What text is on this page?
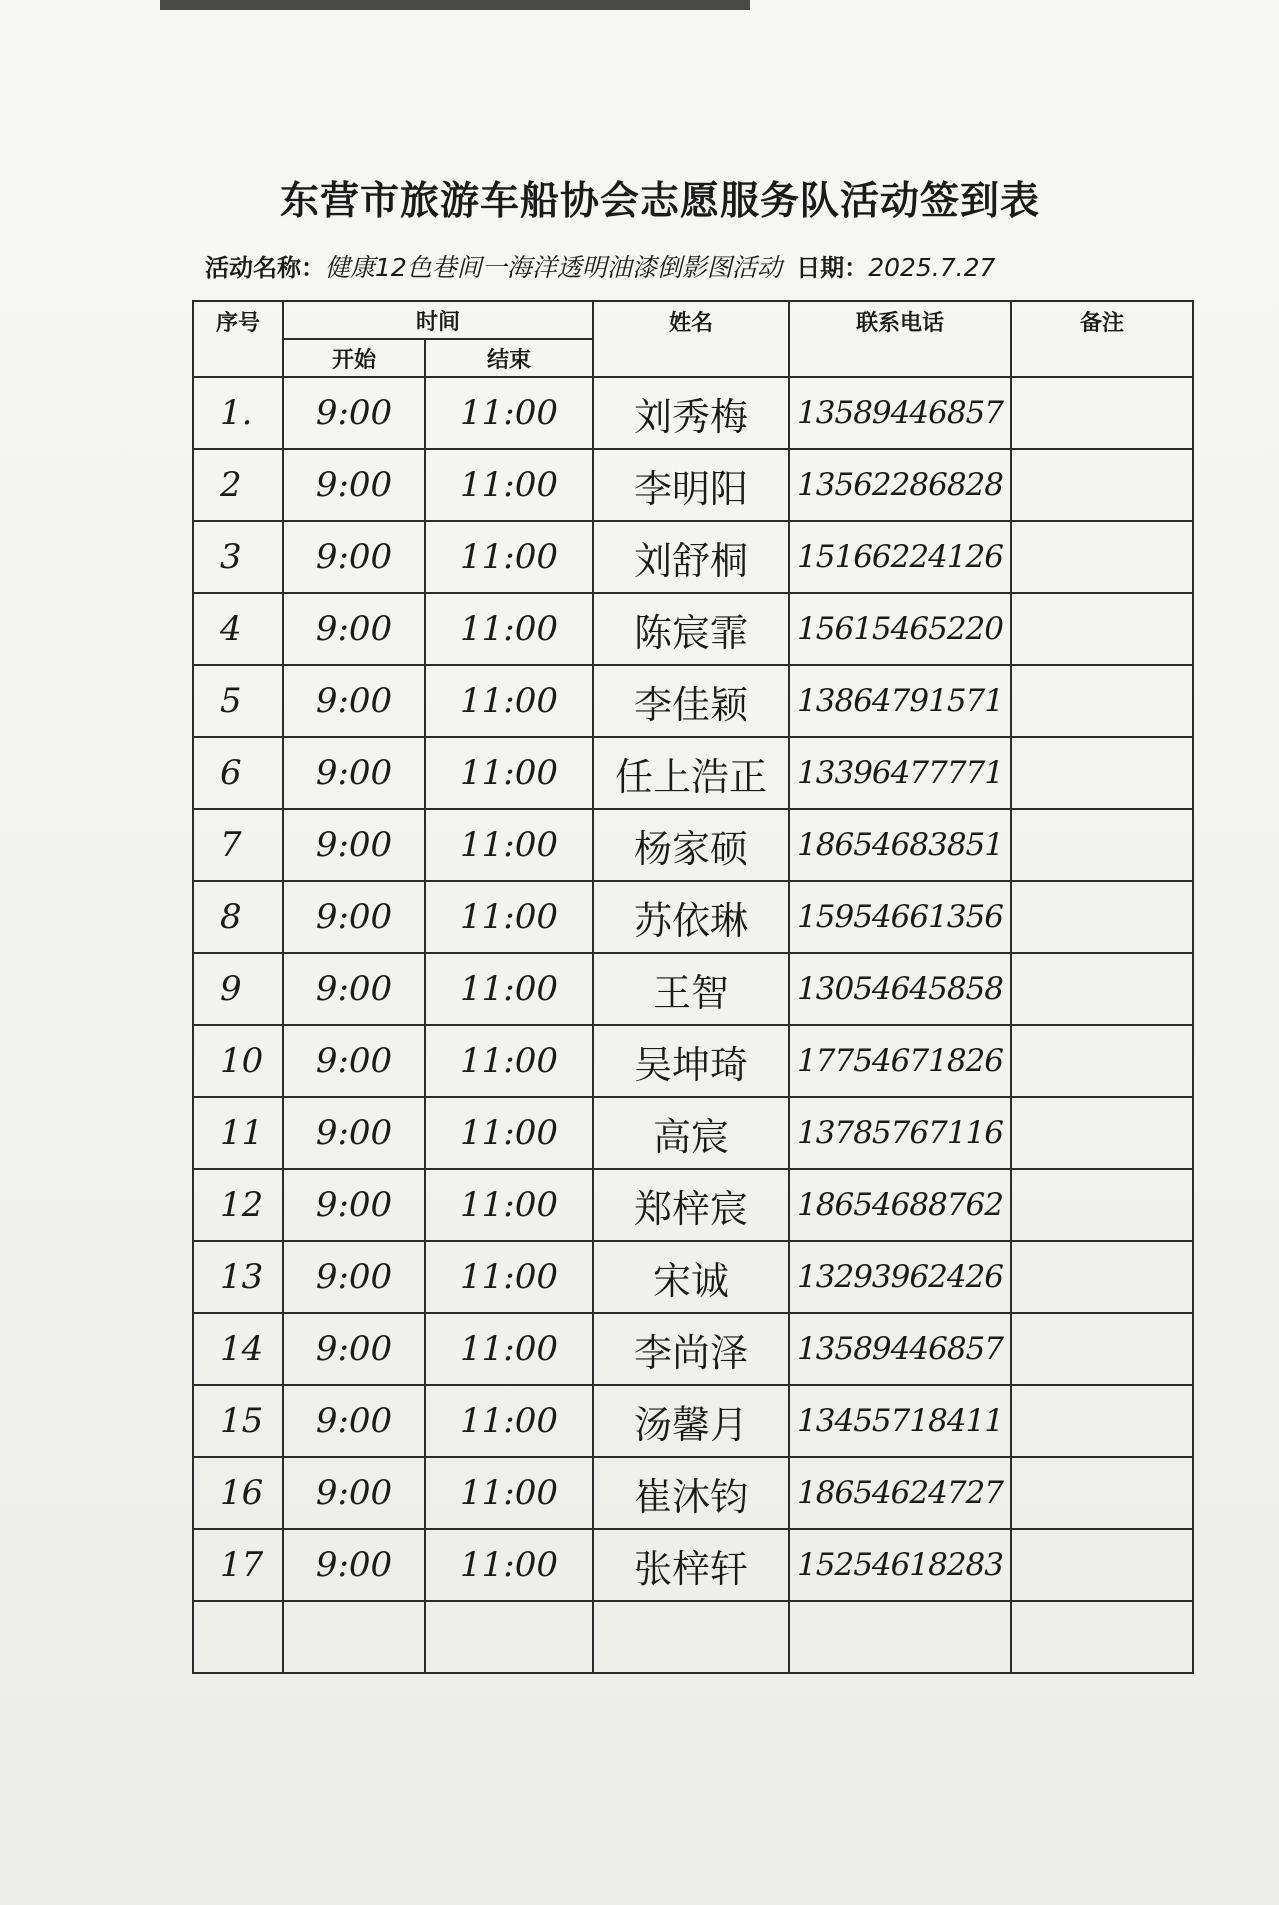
东营市旅游车船协会志愿服务队活动签到表
活动名称：健康12色巷间一海洋透明油漆倒影图活动 日期：2025.7.27
序号	时间		姓名	联系电话	备注
	开始	结束			
1.	9:00	11:00	刘秀梅	13589446857	
2	9:00	11:00	李明阳	13562286828	
3	9:00	11:00	刘舒桐	15166224126	
4	9:00	11:00	陈宸霏	15615465220	
5	9:00	11:00	李佳颖	13864791571	
6	9:00	11:00	任上浩正	13396477771	
7	9:00	11:00	杨家硕	18654683851	
8	9:00	11:00	苏依琳	15954661356	
9	9:00	11:00	王智	13054645858	
10	9:00	11:00	吴坤琦	17754671826	
11	9:00	11:00	高宸	13785767116	
12	9:00	11:00	郑梓宸	18654688762	
13	9:00	11:00	宋诚	13293962426	
14	9:00	11:00	李尚泽	13589446857	
15	9:00	11:00	汤馨月	13455718411	
16	9:00	11:00	崔沐钧	18654624727	
17	9:00	11:00	张梓轩	15254618283	
